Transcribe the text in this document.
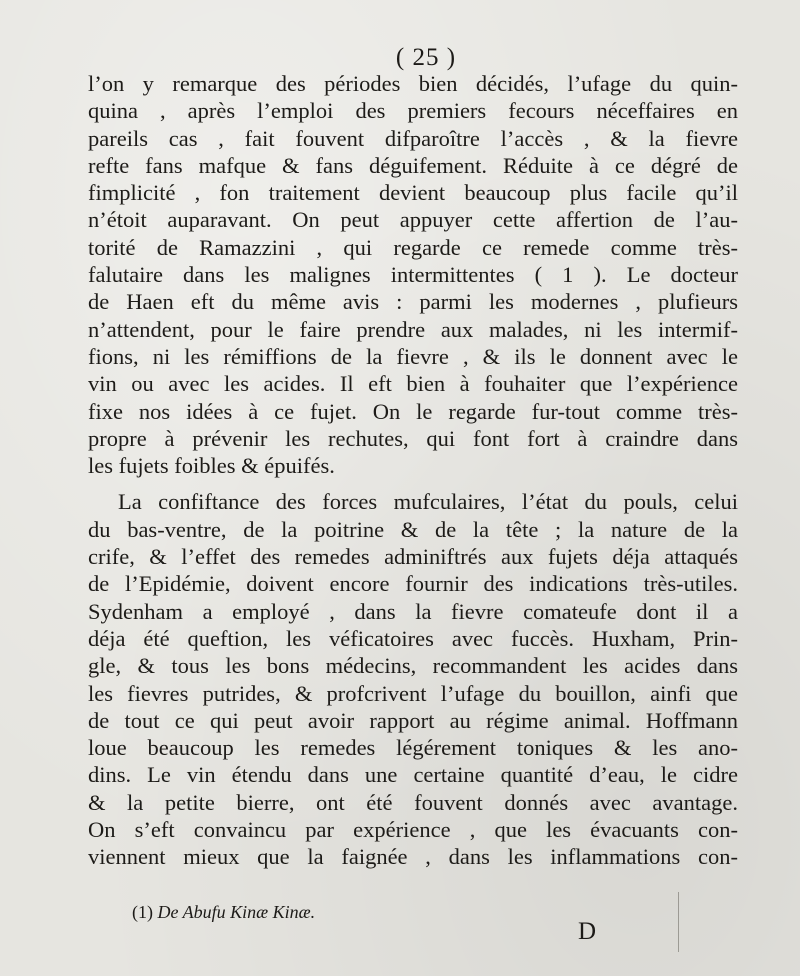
( 25 )
l’on y remarque des périodes bien décidés, l’ufage du quin-
quina , après l’emploi des premiers fecours néceffaires en
pareils cas , fait fouvent difparoître l’accès , & la fievre
refte fans mafque & fans déguifement. Réduite à ce dégré de
fimplicité , fon traitement devient beaucoup plus facile qu’il
n’étoit auparavant. On peut appuyer cette affertion de l’au-
torité de Ramazzini , qui regarde ce remede comme très-
falutaire dans les malignes intermittentes ( 1 ). Le docteur
de Haen eft du même avis : parmi les modernes , plufieurs
n’attendent, pour le faire prendre aux malades, ni les intermif-
fions, ni les rémiffions de la fievre , & ils le donnent avec le
vin ou avec les acides. Il eft bien à fouhaiter que l’expérience
fixe nos idées à ce fujet. On le regarde fur-tout comme très-
propre à prévenir les rechutes, qui font fort à craindre dans
les fujets foibles & épuifés.
La confiftance des forces mufculaires, l’état du pouls, celui
du bas-ventre, de la poitrine & de la tête ; la nature de la
crife, & l’effet des remedes adminiftrés aux fujets déja attaqués
de l’Epidémie, doivent encore fournir des indications très-utiles.
Sydenham a employé , dans la fievre comateufe dont il a
déja été queftion, les véficatoires avec fuccès. Huxham, Prin-
gle, & tous les bons médecins, recommandent les acides dans
les fievres putrides, & profcrivent l’ufage du bouillon, ainfi que
de tout ce qui peut avoir rapport au régime animal. Hoffmann
loue beaucoup les remedes légérement toniques & les ano-
dins. Le vin étendu dans une certaine quantité d’eau, le cidre
& la petite bierre, ont été fouvent donnés avec avantage.
On s’eft convaincu par expérience , que les évacuants con-
viennent mieux que la faignée , dans les inflammations con-
(1) De Abufu Kinæ Kinæ.
D
